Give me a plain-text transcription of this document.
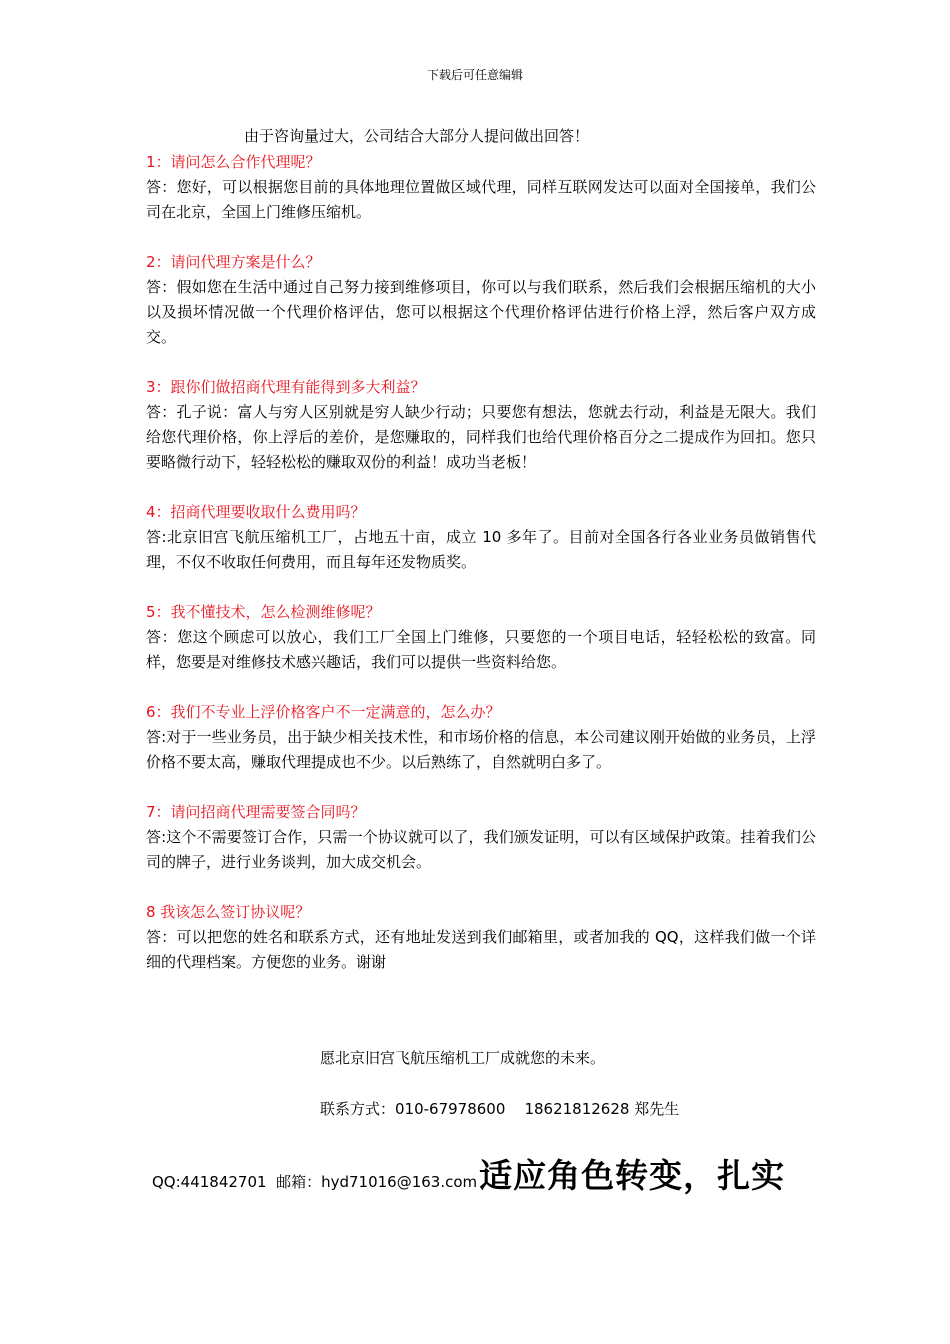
下载后可任意编辑
由于咨询量过大，公司结合大部分人提问做出回答！

1：请问怎么合作代理呢？

答：您好，可以根据您目前的具体地理位置做区域代理，同样互联网发达可以面对全国接单，我们公司在北京，全国上门维修压缩机。

2：请问代理方案是什么？

答：假如您在生活中通过自己努力接到维修项目，你可以与我们联系，然后我们会根据压缩机的大小以及损坏情况做一个代理价格评估，您可以根据这个代理价格评估进行价格上浮，然后客户双方成交。

3：跟你们做招商代理有能得到多大利益？

答：孔子说：富人与穷人区别就是穷人缺少行动；只要您有想法，您就去行动，利益是无限大。我们给您代理价格，你上浮后的差价，是您赚取的，同样我们也给代理价格百分之二提成作为回扣。您只要略微行动下，轻轻松松的赚取双份的利益！成功当老板！

4：招商代理要收取什么费用吗？

答:北京旧宫飞航压缩机工厂，占地五十亩，成立 10 多年了。目前对全国各行各业业务员做销售代理，不仅不收取任何费用，而且每年还发物质奖。

5：我不懂技术，怎么检测维修呢？

答：您这个顾虑可以放心，我们工厂全国上门维修，只要您的一个项目电话，轻轻松松的致富。同样，您要是对维修技术感兴趣话，我们可以提供一些资料给您。

6：我们不专业上浮价格客户不一定满意的，怎么办？

答:对于一些业务员，出于缺少相关技术性，和市场价格的信息，本公司建议刚开始做的业务员，上浮价格不要太高，赚取代理提成也不少。以后熟练了，自然就明白多了。

7：请问招商代理需要签合同吗？

答:这个不需要签订合作，只需一个协议就可以了，我们颁发证明，可以有区域保护政策。挂着我们公司的牌子，进行业务谈判，加大成交机会。

8 我该怎么签订协议呢？

答：可以把您的姓名和联系方式，还有地址发送到我们邮箱里，或者加我的 QQ，这样我们做一个详细的代理档案。方便您的业务。谢谢

愿北京旧宫飞航压缩机工厂成就您的未来。
联系方式：010-67978600    18621812628 郑先生
QQ:441842701  邮箱：hyd71016@163.com 适应角色转变，扎实
